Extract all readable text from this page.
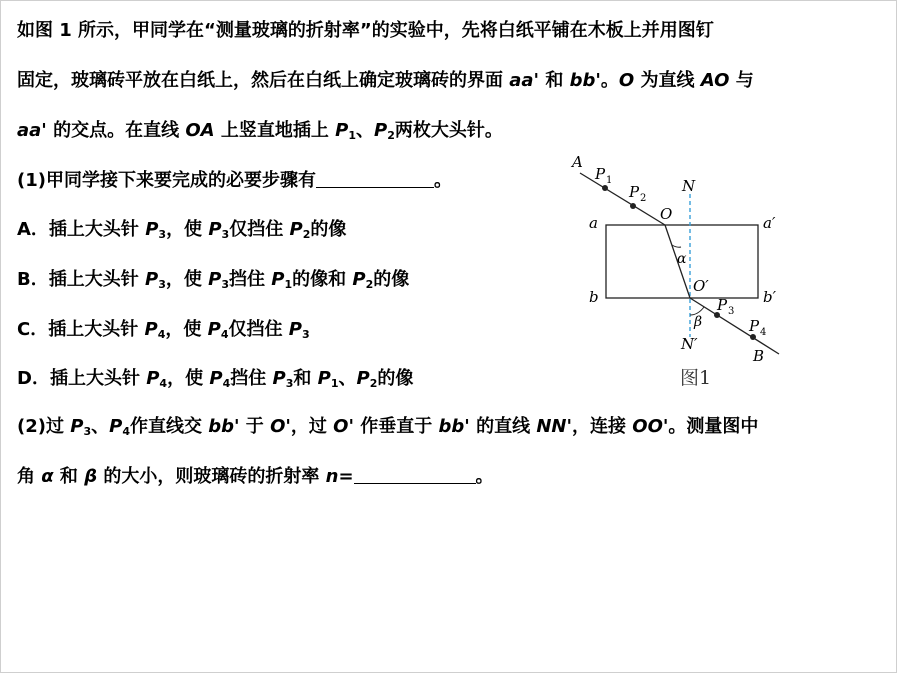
如图 1 所示，甲同学在“测量玻璃的折射率”的实验中，先将白纸平铺在木板上并用图钉
固定，玻璃砖平放在白纸上，然后在白纸上确定玻璃砖的界面 aa' 和 bb'。O 为直线 AO 与
aa' 的交点。在直线 OA 上竖直地插上 $P_1$、$P_2$两枚大头针。
(1)甲同学接下来要完成的必要步骤有	。
A．插上大头针 $P_3$，使 $P_3$仅挡住 $P_2$的像
B．插上大头针 $P_3$，使 $P_3$挡住 $P_1$的像和 $P_2$的像
C．插上大头针 $P_4$，使 $P_4$仅挡住 $P_3$
D．插上大头针 $P_4$，使 $P_4$挡住 $P_3$和 $P_1$、$P_2$的像
(2)过 $P_3$、$P_4$作直线交 bb' 于 O'，过 O' 作垂直于 bb' 的直线 NN'，连接 OO'。测量图中
角 α 和 β 的大小，则玻璃砖的折射率 n=	。
A
P 1
P 2
N
O
a	a′
α
O′
b	b′
P 3
β	P 4
N′
B
图1
